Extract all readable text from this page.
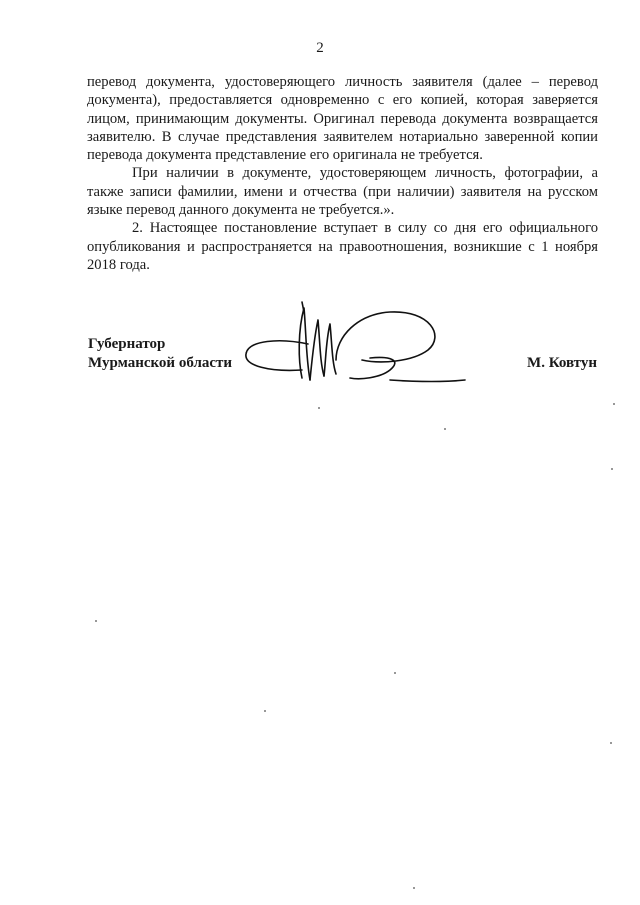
2

перевод документа, удостоверяющего личность заявителя (далее – перевод документа), предоставляется одновременно с его копией, которая заверяется лицом, принимающим документы. Оригинал перевода документа возвращается заявителю. В случае представления заявителем нотариально заверенной копии перевода документа представление его оригинала не требуется.

При наличии в документе, удостоверяющем личность, фотографии, а также записи фамилии, имени и отчества (при наличии) заявителя на русском языке перевод данного документа не требуется.».

2. Настоящее постановление вступает в силу со дня его официального опубликования и распространяется на правоотношения, возникшие с 1 ноября 2018 года.

Губернатор
Мурманской области	М. Ковтун
